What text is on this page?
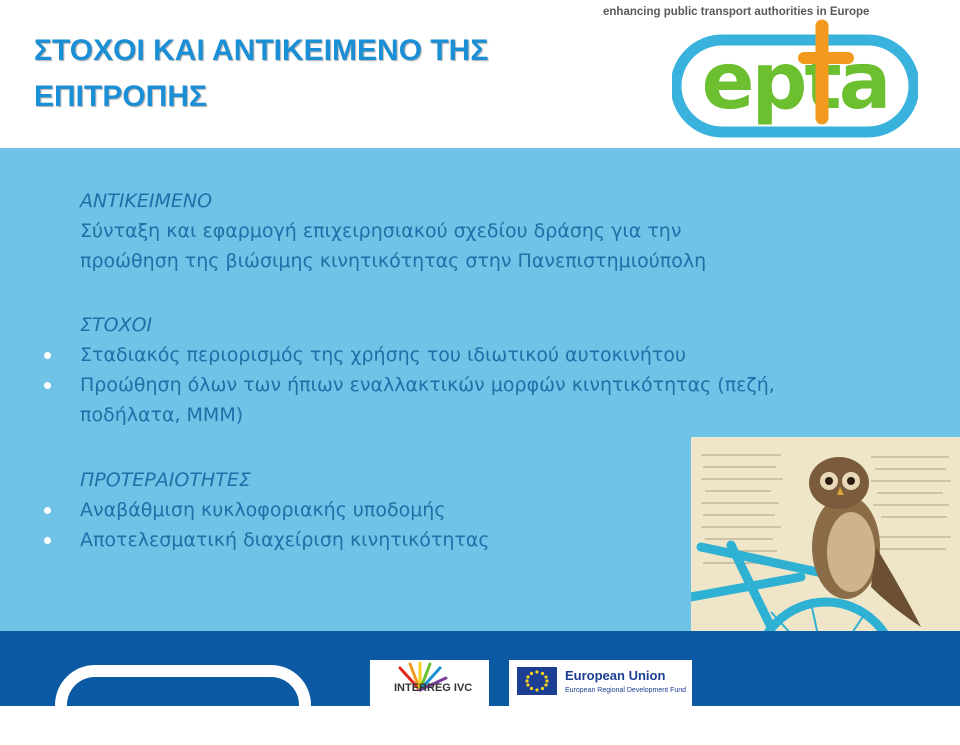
ΣΤΟΧΟΙ ΚΑΙ ΑΝΤΙΚΕΙΜΕΝΟ ΤΗΣ
ΕΠΙΤΡΟΠΗΣ
enhancing public transport authorities in Europe
epta
ΑΝΤΙΚΕΙΜΕΝΟ
Σύνταξη και εφαρμογή επιχειρησιακού σχεδίου δράσης για την
προώθηση της βιώσιμης κινητικότητας στην Πανεπιστημιούπολη
ΣΤΟΧΟΙ
Σταδιακός περιορισμός της χρήσης του ιδιωτικού αυτοκινήτου
Προώθηση όλων των ήπιων εναλλακτικών μορφών κινητικότητας (πεζή,
ποδήλατα, ΜΜΜ)
ΠΡΟΤΕΡΑΙΟΤΗΤΕΣ
Αναβάθμιση κυκλοφοριακής υποδομής
Αποτελεσματική διαχείριση κινητικότητας
INTERREG IVC
European Union
European Regional Development Fund
